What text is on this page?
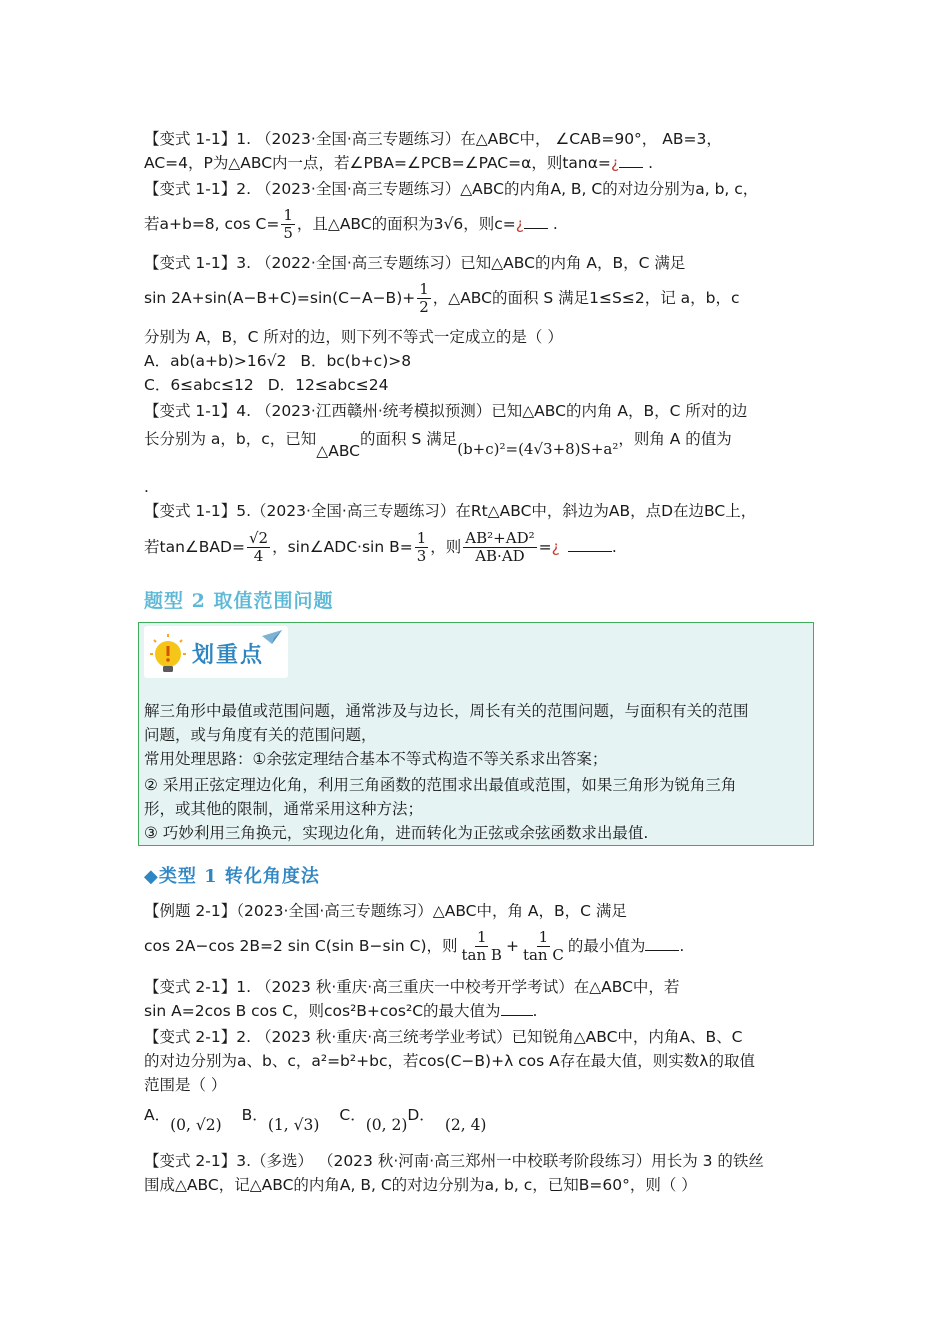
【变式 1-1】1. （2023·全国·高三专题练习）在△ABC中， ∠CAB=90°， AB=3，
AC=4，P为△ABC内一点，若∠PBA=∠PCB=∠PAC=α，则tanα=¿ .
【变式 1-1】2. （2023·全国·高三专题练习）△ABC的内角A, B, C的对边分别为a, b, c，
若a+b=8, $\cos C= \frac{1}{5}$ ，且△ABC的面积为3√6，则c=¿ .
【变式 1-1】3. （2022·全国·高三专题练习）已知△ABC的内角 A，B，C 满足
$\sin 2A+\sin(A-B+C)=\sin(C-A-B)+ \frac{1}{2}$ ，△ABC的面积 S 满足1≤S≤2，记 a，b，c
分别为 A，B，C 所对的边，则下列不等式一定成立的是（ ）
A．ab(a+b)>16√2 B．bc(b+c)>8
C．6≤abc≤12 D．12≤abc≤24
【变式 1-1】4. （2023·江西赣州·统考模拟预测）已知△ABC的内角 A，B，C 所对的边
长分别为 a，b，c，已知△ABC的面积 S 满足(b+c)²=(4√3+8)S+a²，则角 A 的值为
.
【变式 1-1】5.（2023·全国·高三专题练习）在Rt△ABC中，斜边为AB，点D在边BC上，
若tan∠BAD= $\frac{√2}{4}$ ，sin∠ADC·sin $B= \frac{1}{3}$ ，则 $\frac{\text{AB²+AD²}}{AB\cdot AD}$ =¿	.
题型 2 取值范围问题
划重点
解三角形中最值或范围问题，通常涉及与边长，周长有关的范围问题，与面积有关的范围
问题，或与角度有关的范围问题，
常用处理思路：①余弦定理结合基本不等式构造不等关系求出答案；
② 采用正弦定理边化角，利用三角函数的范围求出最值或范围，如果三角形为锐角三角
形，或其他的限制，通常采用这种方法；
③ 巧妙利用三角换元，实现边化角，进而转化为正弦或余弦函数求出最值.
◆类型 1 转化角度法
【例题 2-1】（2023·全国·高三专题练习）△ABC中，角 A，B，C 满足
cos 2A−cos 2B=2 sin C(sin B−sin C)，则 $\frac{1}{\text{tan B}} + \frac{1}{\text{tan C}}$ 的最小值为 .
【变式 2-1】1. （2023 秋·重庆·高三重庆一中校考开学考试）在△ABC中，若
sin A=2cos B cos C，则cos²B+cos²C的最大值为 .
【变式 2-1】2. （2023 秋·重庆·高三统考学业考试）已知锐角△ABC中，内角A、B、C
的对边分别为a、b、c，a²=b²+bc，若cos(C−B)+λ cos A存在最大值，则实数λ的取值
范围是（ ）
A．(0, √2)B．(1, √3)C．(0, 2)D．(2, 4)
【变式 2-1】3.（多选） （2023 秋·河南·高三郑州一中校联考阶段练习）用长为 3 的铁丝
围成△ABC，记△ABC的内角A, B, C的对边分别为a, b, c，已知B=60°，则（ ）
